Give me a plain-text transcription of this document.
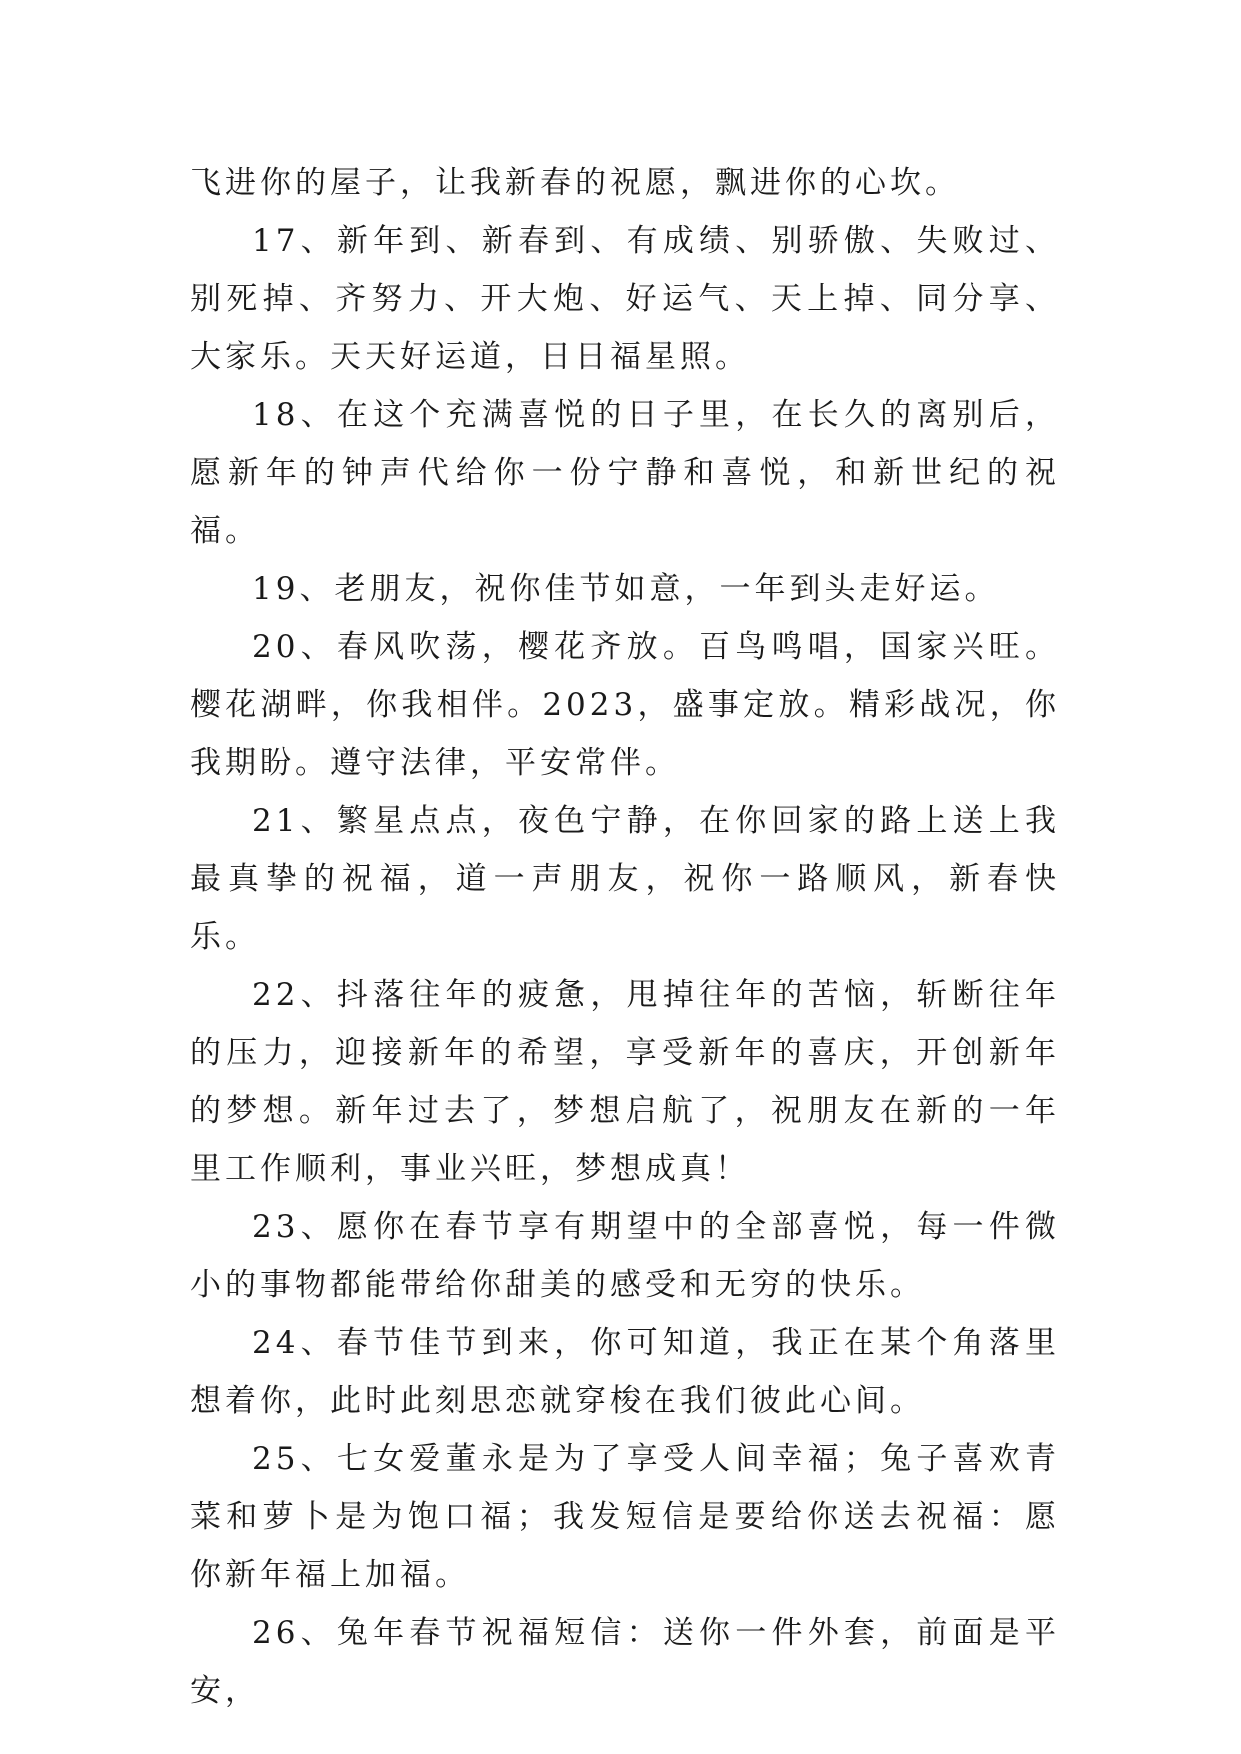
飞进你的屋子，让我新春的祝愿，飘进你的心坎。

17、新年到、新春到、有成绩、别骄傲、失败过、别死掉、齐努力、开大炮、好运气、天上掉、同分享、大家乐。天天好运道，日日福星照。

18、在这个充满喜悦的日子里，在长久的离别后，愿新年的钟声代给你一份宁静和喜悦，和新世纪的祝福。

19、老朋友，祝你佳节如意，一年到头走好运。

20、春风吹荡，樱花齐放。百鸟鸣唱，国家兴旺。樱花湖畔，你我相伴。2023，盛事定放。精彩战况，你我期盼。遵守法律，平安常伴。

21、繁星点点，夜色宁静，在你回家的路上送上我最真挚的祝福，道一声朋友，祝你一路顺风，新春快乐。

22、抖落往年的疲惫，甩掉往年的苦恼，斩断往年的压力，迎接新年的希望，享受新年的喜庆，开创新年的梦想。新年过去了，梦想启航了，祝朋友在新的一年里工作顺利，事业兴旺，梦想成真！

23、愿你在春节享有期望中的全部喜悦，每一件微小的事物都能带给你甜美的感受和无穷的快乐。

24、春节佳节到来，你可知道，我正在某个角落里想着你，此时此刻思恋就穿梭在我们彼此心间。

25、七女爱董永是为了享受人间幸福；兔子喜欢青菜和萝卜是为饱口福；我发短信是要给你送去祝福：愿你新年福上加福。

26、兔年春节祝福短信：送你一件外套，前面是平安，
